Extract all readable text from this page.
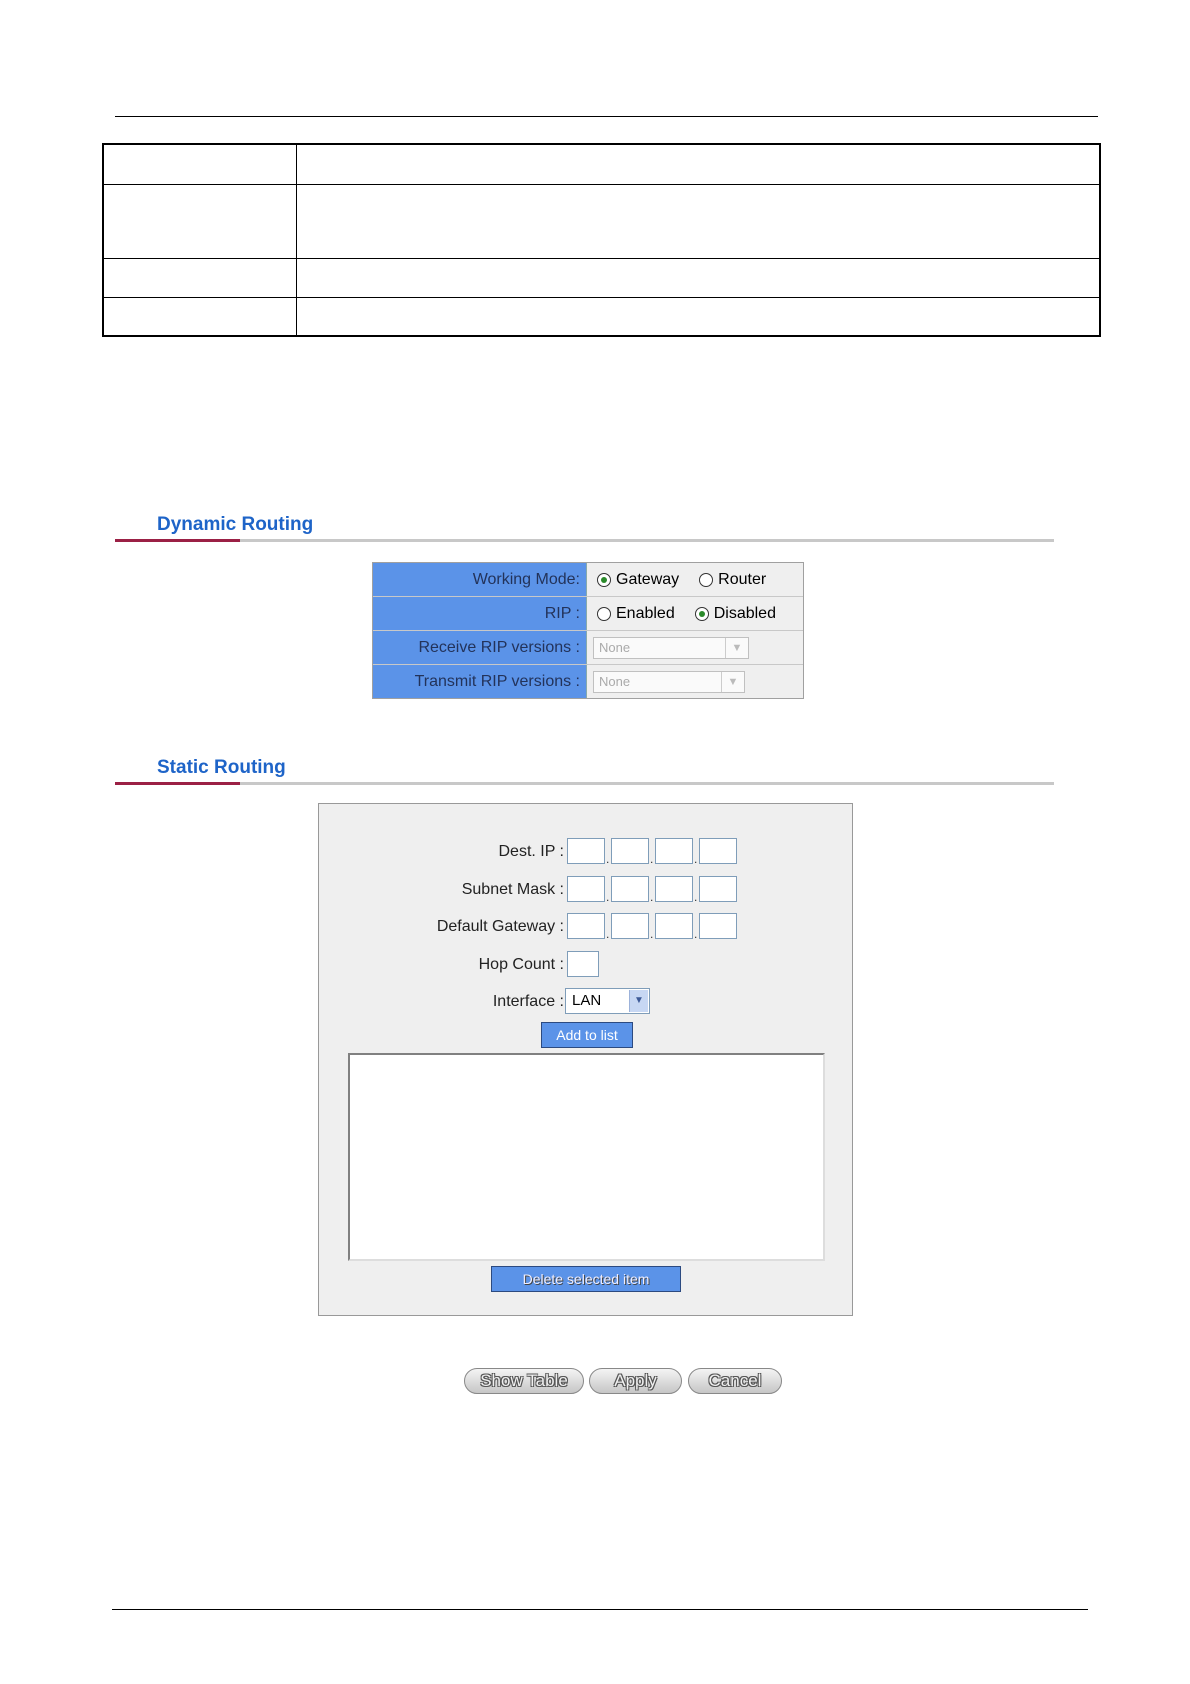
Dynamic Routing
Working Mode:	Gateway Router
RIP :	Enabled Disabled
Receive RIP versions :	None	▼
Transmit RIP versions :	None	▼
Static Routing
Dest. IP :	.	.	.
Subnet Mask :	.	.	.
Default Gateway :	.	.	.
Hop Count :
Interface : LAN	▼
Add to list
Delete selected item
Show Table	Apply	Cancel
